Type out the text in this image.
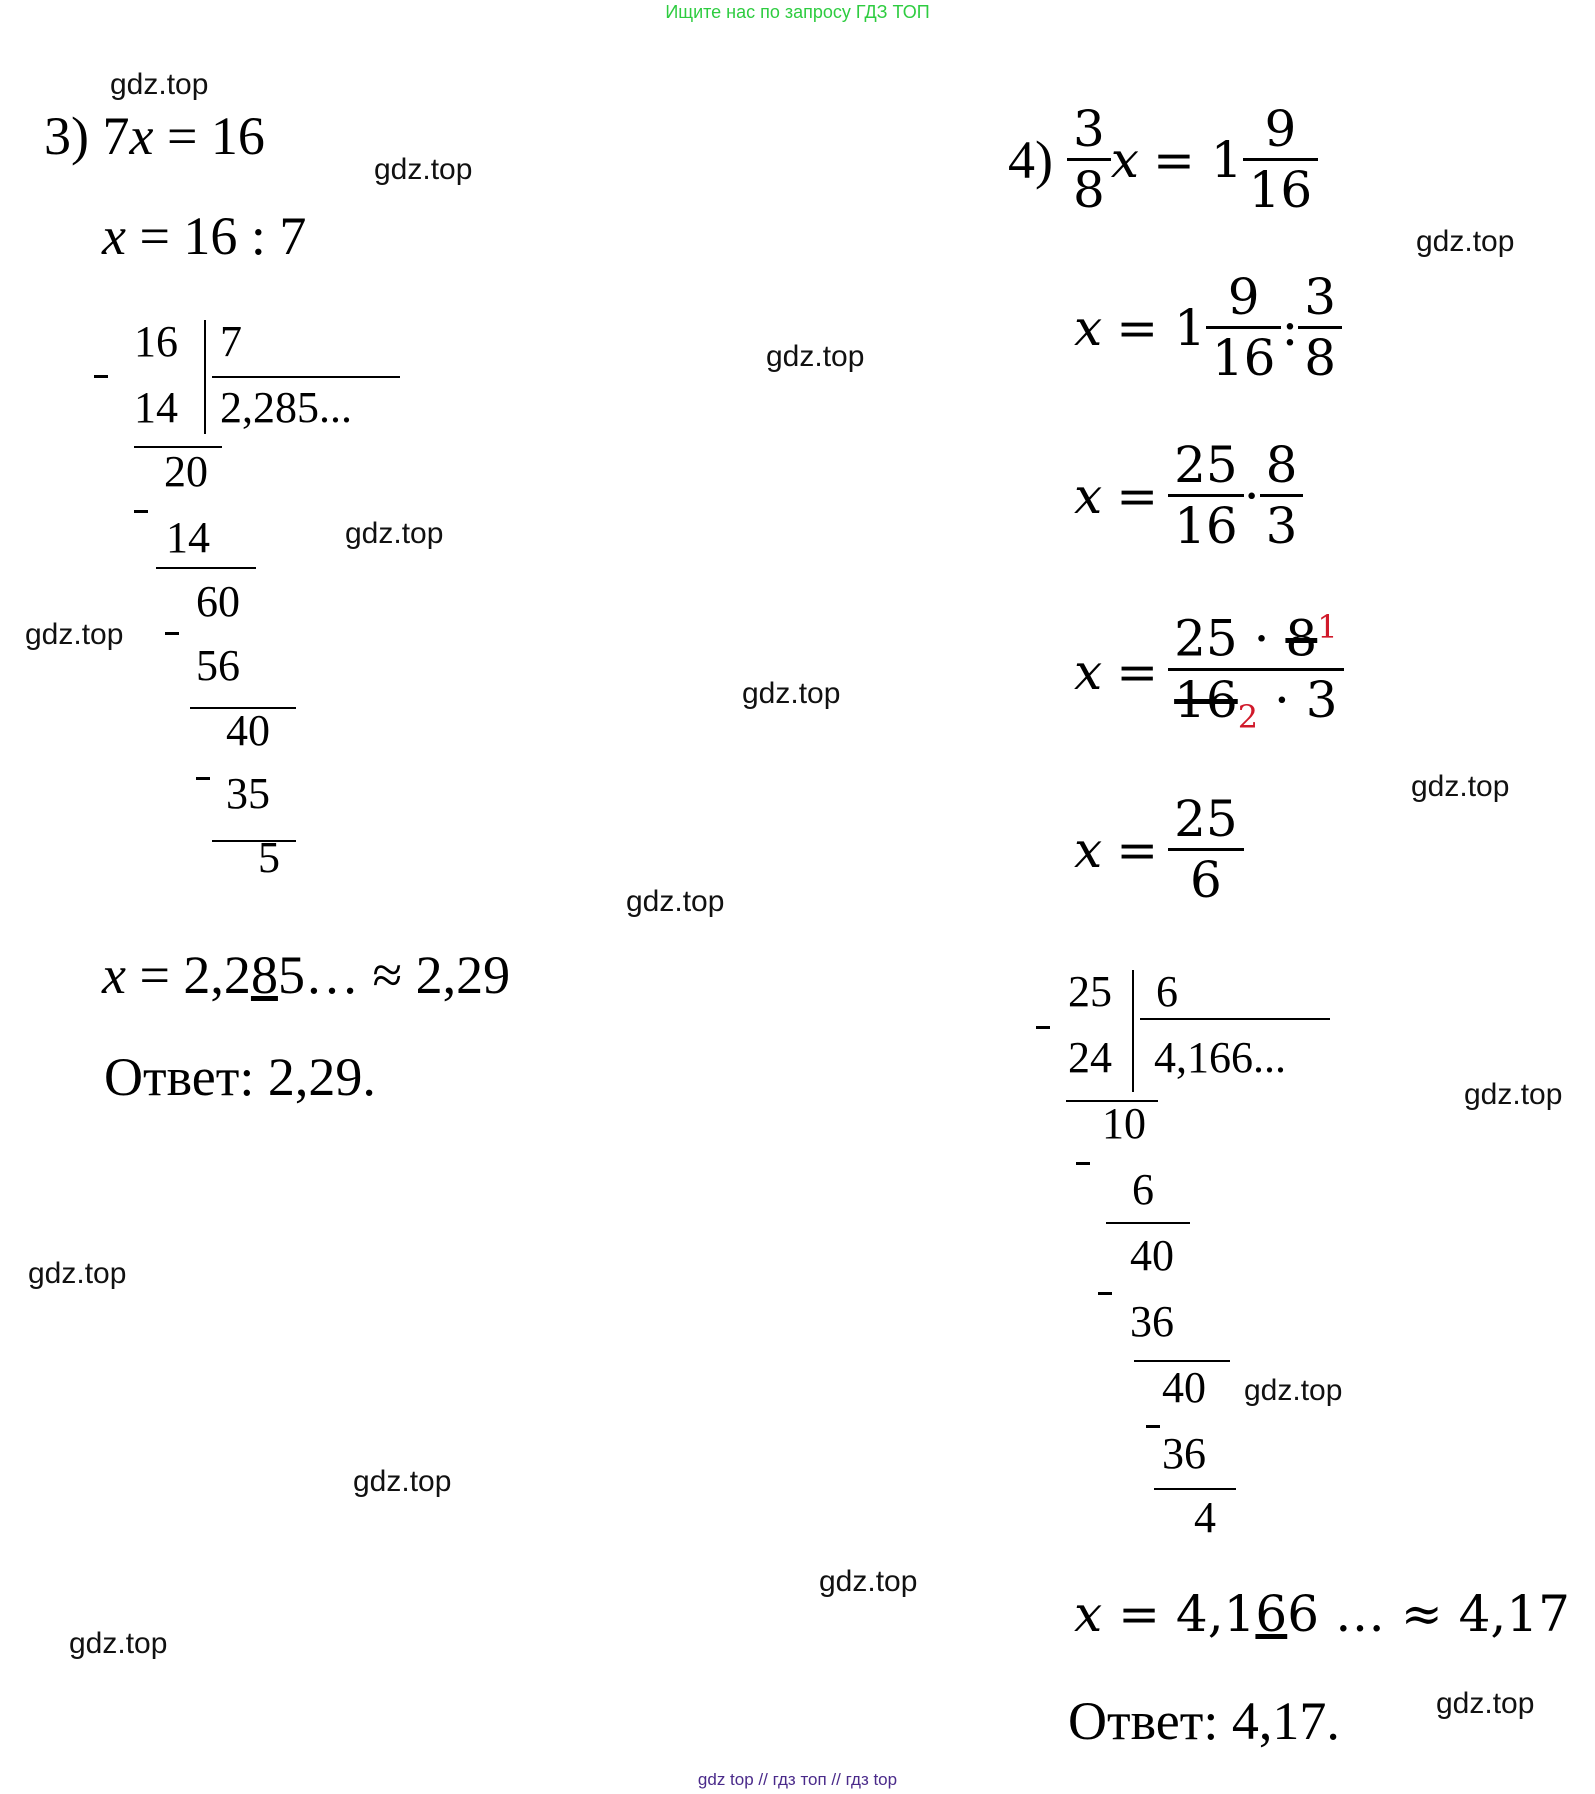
Ищите нас по запросу ГДЗ ТОП
gdz.top
gdz.top
gdz.top
gdz.top
gdz.top
gdz.top
gdz.top
gdz.top
gdz.top
gdz.top
gdz.top
gdz.top
gdz.top
gdz.top
gdz.top
gdz.top
3) 7x = 16
x = 16 : 7
16 7
2,285...
14
20
14
60
56
40
35
5
x = 2,285… ≈ 2,29
Ответ: 2,29.
$4) \frac{3}{8}$ $x = 1 \frac{9}{16}$
$x = 1 \frac{9}{16}$ : $\frac{3}{8}$
$x = \frac{25}{16} \cdot \frac{8}{3}$
$x = \frac{25 \cdot 8^1}{16_2 \cdot 3}$
$x = \frac{25}{6}$
25 6
4,166...
24
10
6
40
36
40
36
4
x = 4,166 … ≈ 4,17
Ответ: 4,17.
gdz top // гдз топ // гдз top
